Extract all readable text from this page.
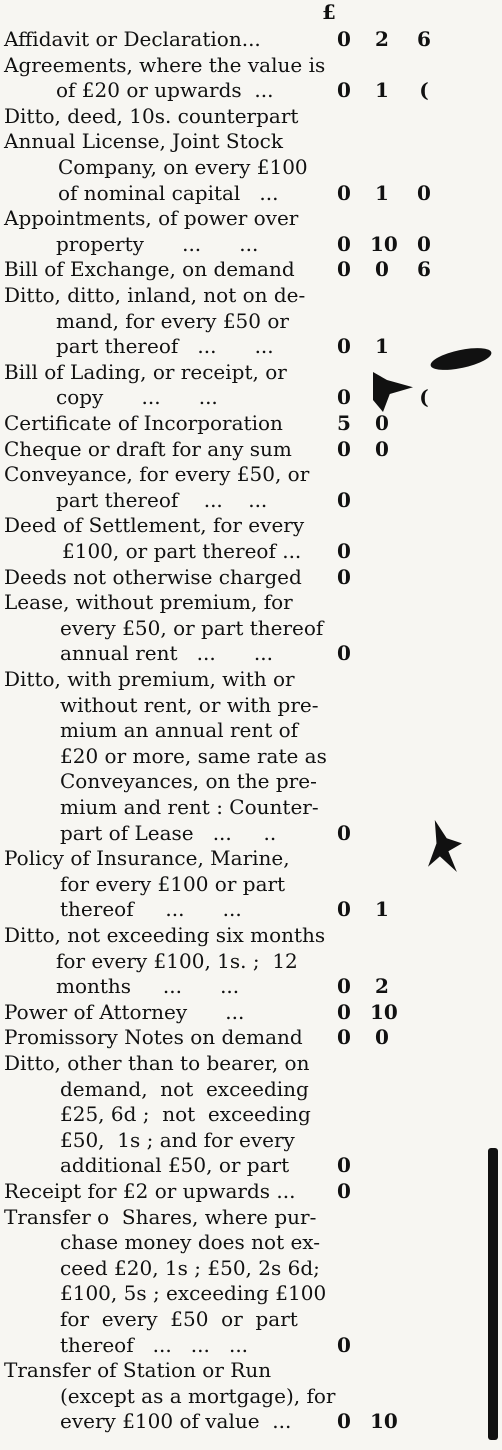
£
Affidavit or Declaration...	0 2 6
Agreements, where the value is
of £20 or upwards  ...	0 1	(
Ditto, deed, 10s. counterpart
Annual License, Joint Stock
Company, on every £100
of nominal capital   ...	0 1 0
Appointments, of power over
property      ...      ...	0 10 0
Bill of Exchange, on demand 0 0 6
Ditto, ditto, inland, not on de-
mand, for every £50 or
part thereof   ...      ...	0 1
Bill of Lading, or receipt, or
copy      ...      ...	0	(
Certificate of Incorporation	5 0
Cheque or draft for any sum 0 0
Conveyance, for every £50, or
part thereof    ...    ...	0
Deed of Settlement, for every
£100, or part thereof ... 0
Deeds not otherwise charged 0
Lease, without premium, for
every £50, or part thereof
annual rent   ...      ...	0
Ditto, with premium, with or
without rent, or with pre-
mium an annual rent of
£20 or more, same rate as
Conveyances, on the pre-
mium and rent : Counter-
part of Lease   ...     ..	0
Policy of Insurance, Marine,
for every £100 or part
thereof     ...      ...	0 1
Ditto, not exceeding six months
for every £100, 1s. ;  12
months     ...      ...	0 2
Power of Attorney      ...	0 10
Promissory Notes on demand 0 0
Ditto, other than to bearer, on
demand,  not  exceeding
£25, 6d ;  not  exceeding
£50,  1s ; and for every
additional £50, or part 0
Receipt for £2 or upwards ... 0
Transfer o  Shares, where pur-
chase money does not ex-
ceed £20, 1s ; £50, 2s 6d;
£100, 5s ; exceeding £100
for  every  £50  or  part
thereof   ...   ...   ...	0
Transfer of Station or Run
(except as a mortgage), for
every £100 of value  ... 0 10
